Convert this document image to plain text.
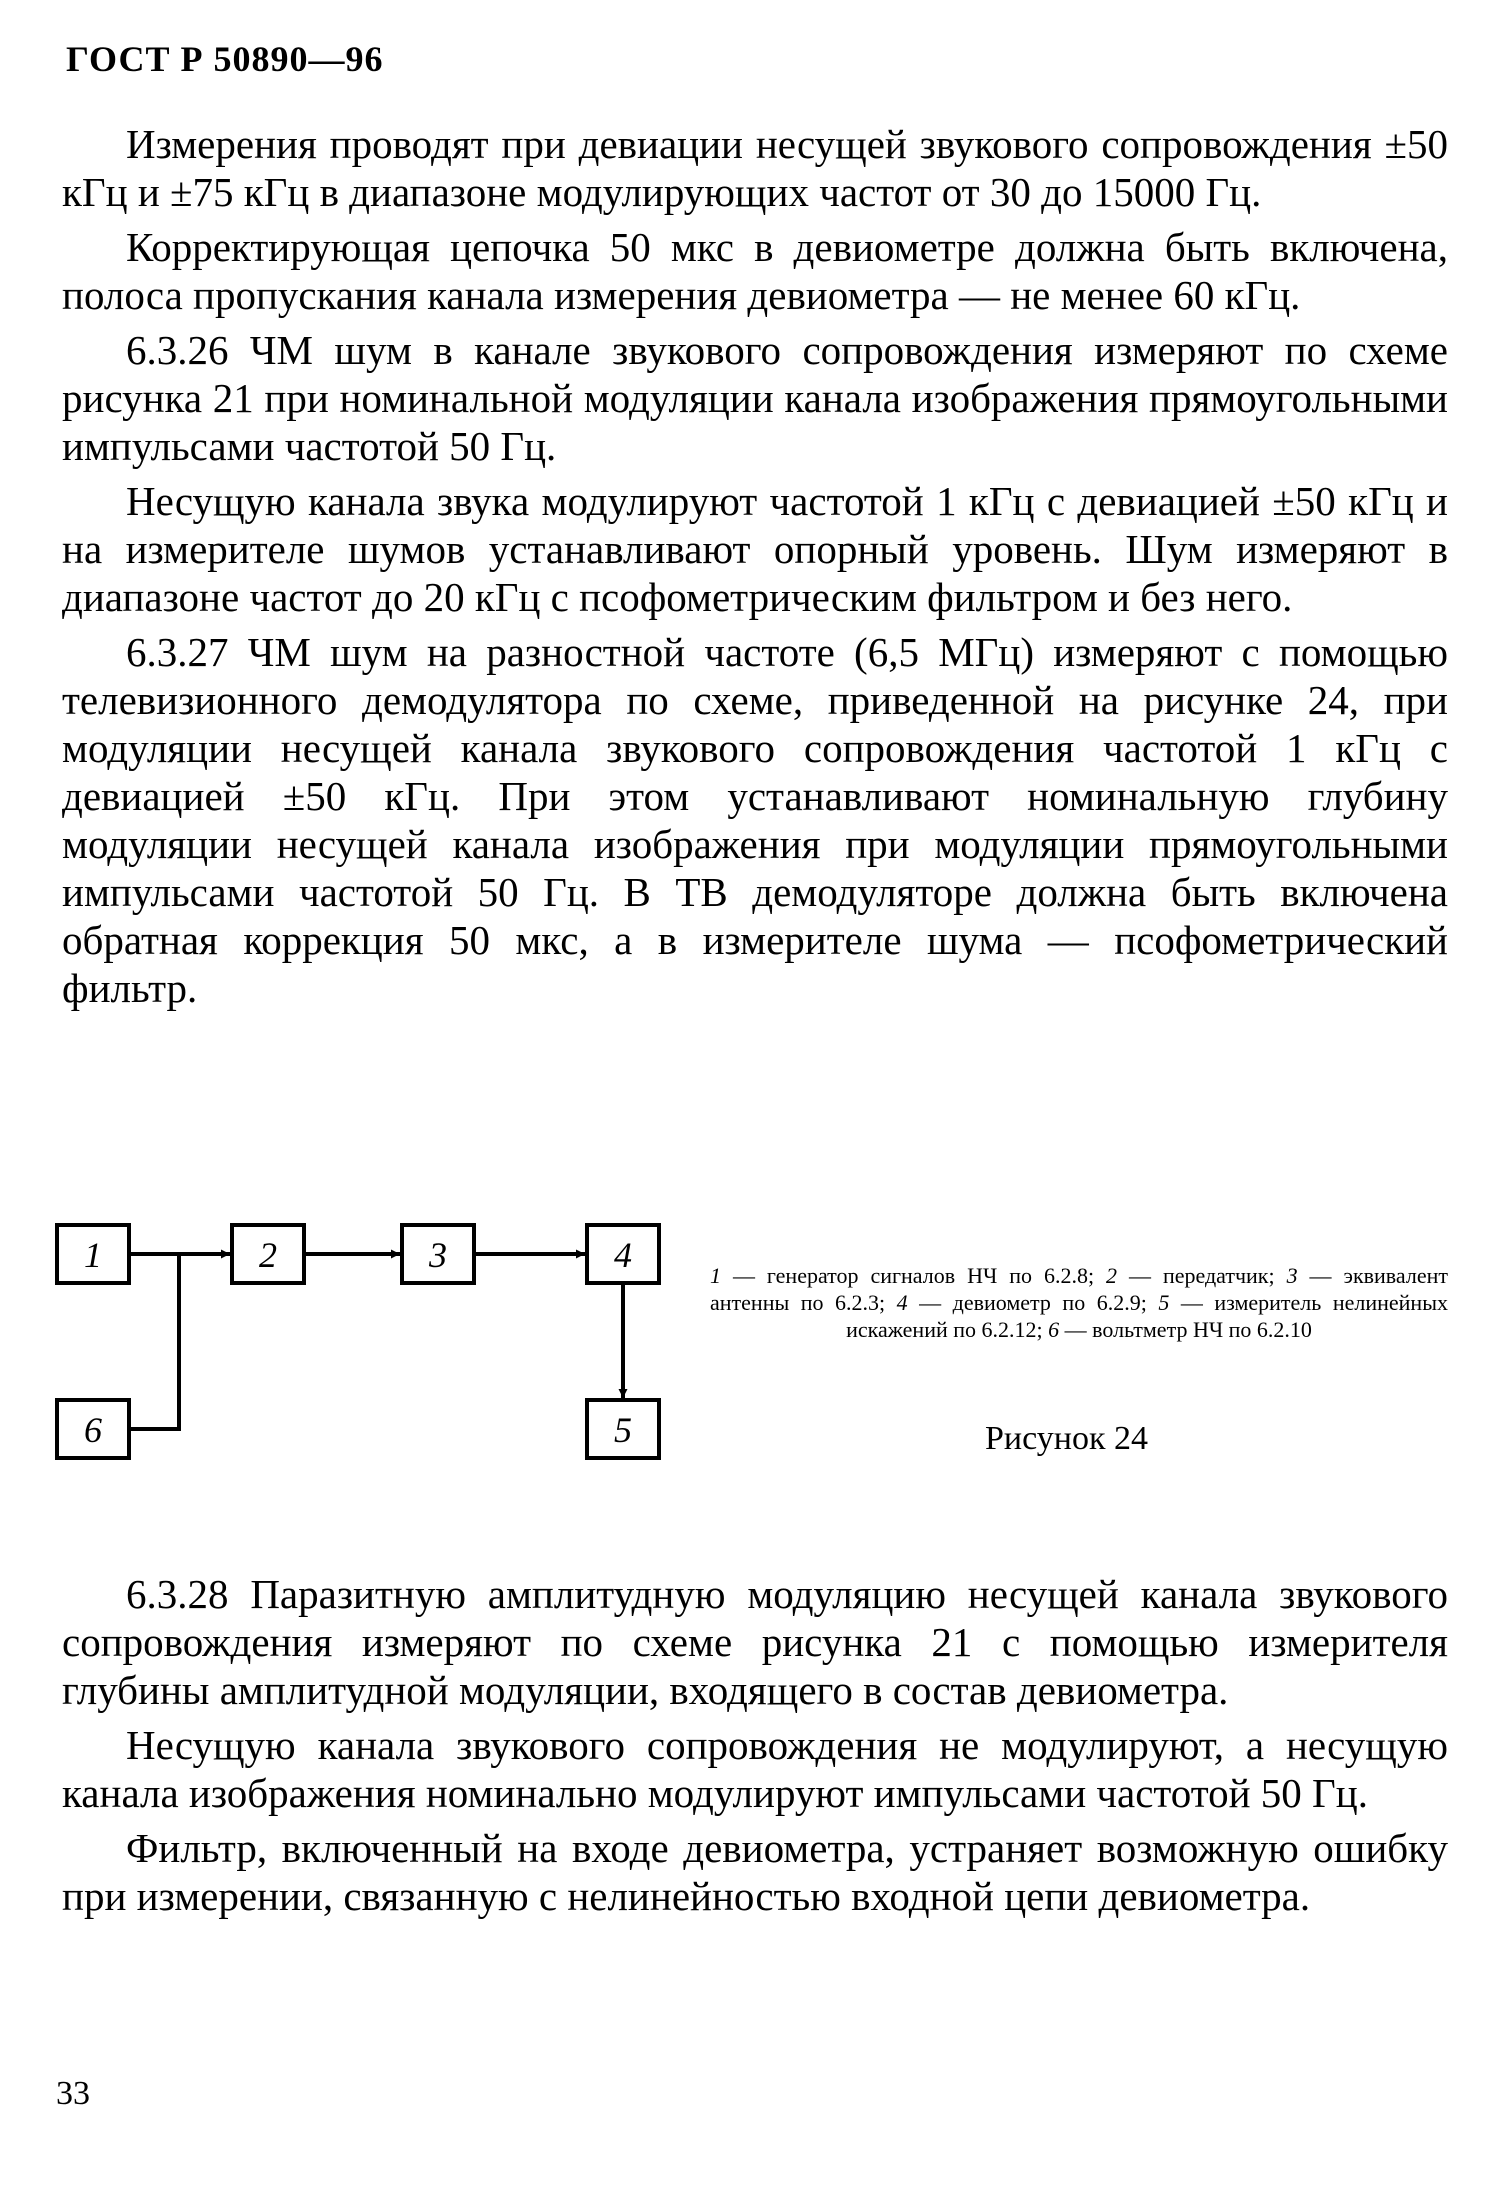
ГОСТ Р 50890—96

Измерения проводят при девиации несущей звукового сопровождения ±50 кГц и ±75 кГц в диапазоне модулирующих частот от 30 до 15000 Гц.

Корректирующая цепочка 50 мкс в девиометре должна быть включена, полоса пропускания канала измерения девиометра — не менее 60 кГц.

6.3.26 ЧМ шум в канале звукового сопровождения измеряют по схеме рисунка 21 при номинальной модуляции канала изображения прямоугольными импульсами частотой 50 Гц.

Несущую канала звука модулируют частотой 1 кГц с девиацией ±50 кГц и на измерителе шумов устанавливают опорный уровень. Шум измеряют в диапазоне частот до 20 кГц с псофометрическим фильтром и без него.

6.3.27 ЧМ шум на разностной частоте (6,5 МГц) измеряют с помощью телевизионного демодулятора по схеме, приведенной на рисунке 24, при модуляции несущей канала звукового сопровождения частотой 1 кГц с девиацией ±50 кГц. При этом устанавливают номинальную глубину модуляции несущей канала изображения при модуляции прямоугольными импульсами частотой 50 Гц. В ТВ демодуляторе должна быть включена обратная коррекция 50 мкс, а в измерителе шума — псофометрический фильтр.

1	2	3	4
5
6
1 — генератор сигналов НЧ по 6.2.8; 2 — передатчик; 3 — эквивалент антенны по 6.2.3; 4 — девиометр по 6.2.9; 5 — измеритель нелинейных искажений по 6.2.12; 6 — вольтметр НЧ по 6.2.10
Рисунок 24

6.3.28 Паразитную амплитудную модуляцию несущей канала звукового сопровождения измеряют по схеме рисунка 21 с помощью измерителя глубины амплитудной модуляции, входящего в состав девиометра.

Несущую канала звукового сопровождения не модулируют, а несущую канала изображения номинально модулируют импульсами частотой 50 Гц.

Фильтр, включенный на входе девиометра, устраняет возможную ошибку при измерении, связанную с нелинейностью входной цепи девиометра.

33
